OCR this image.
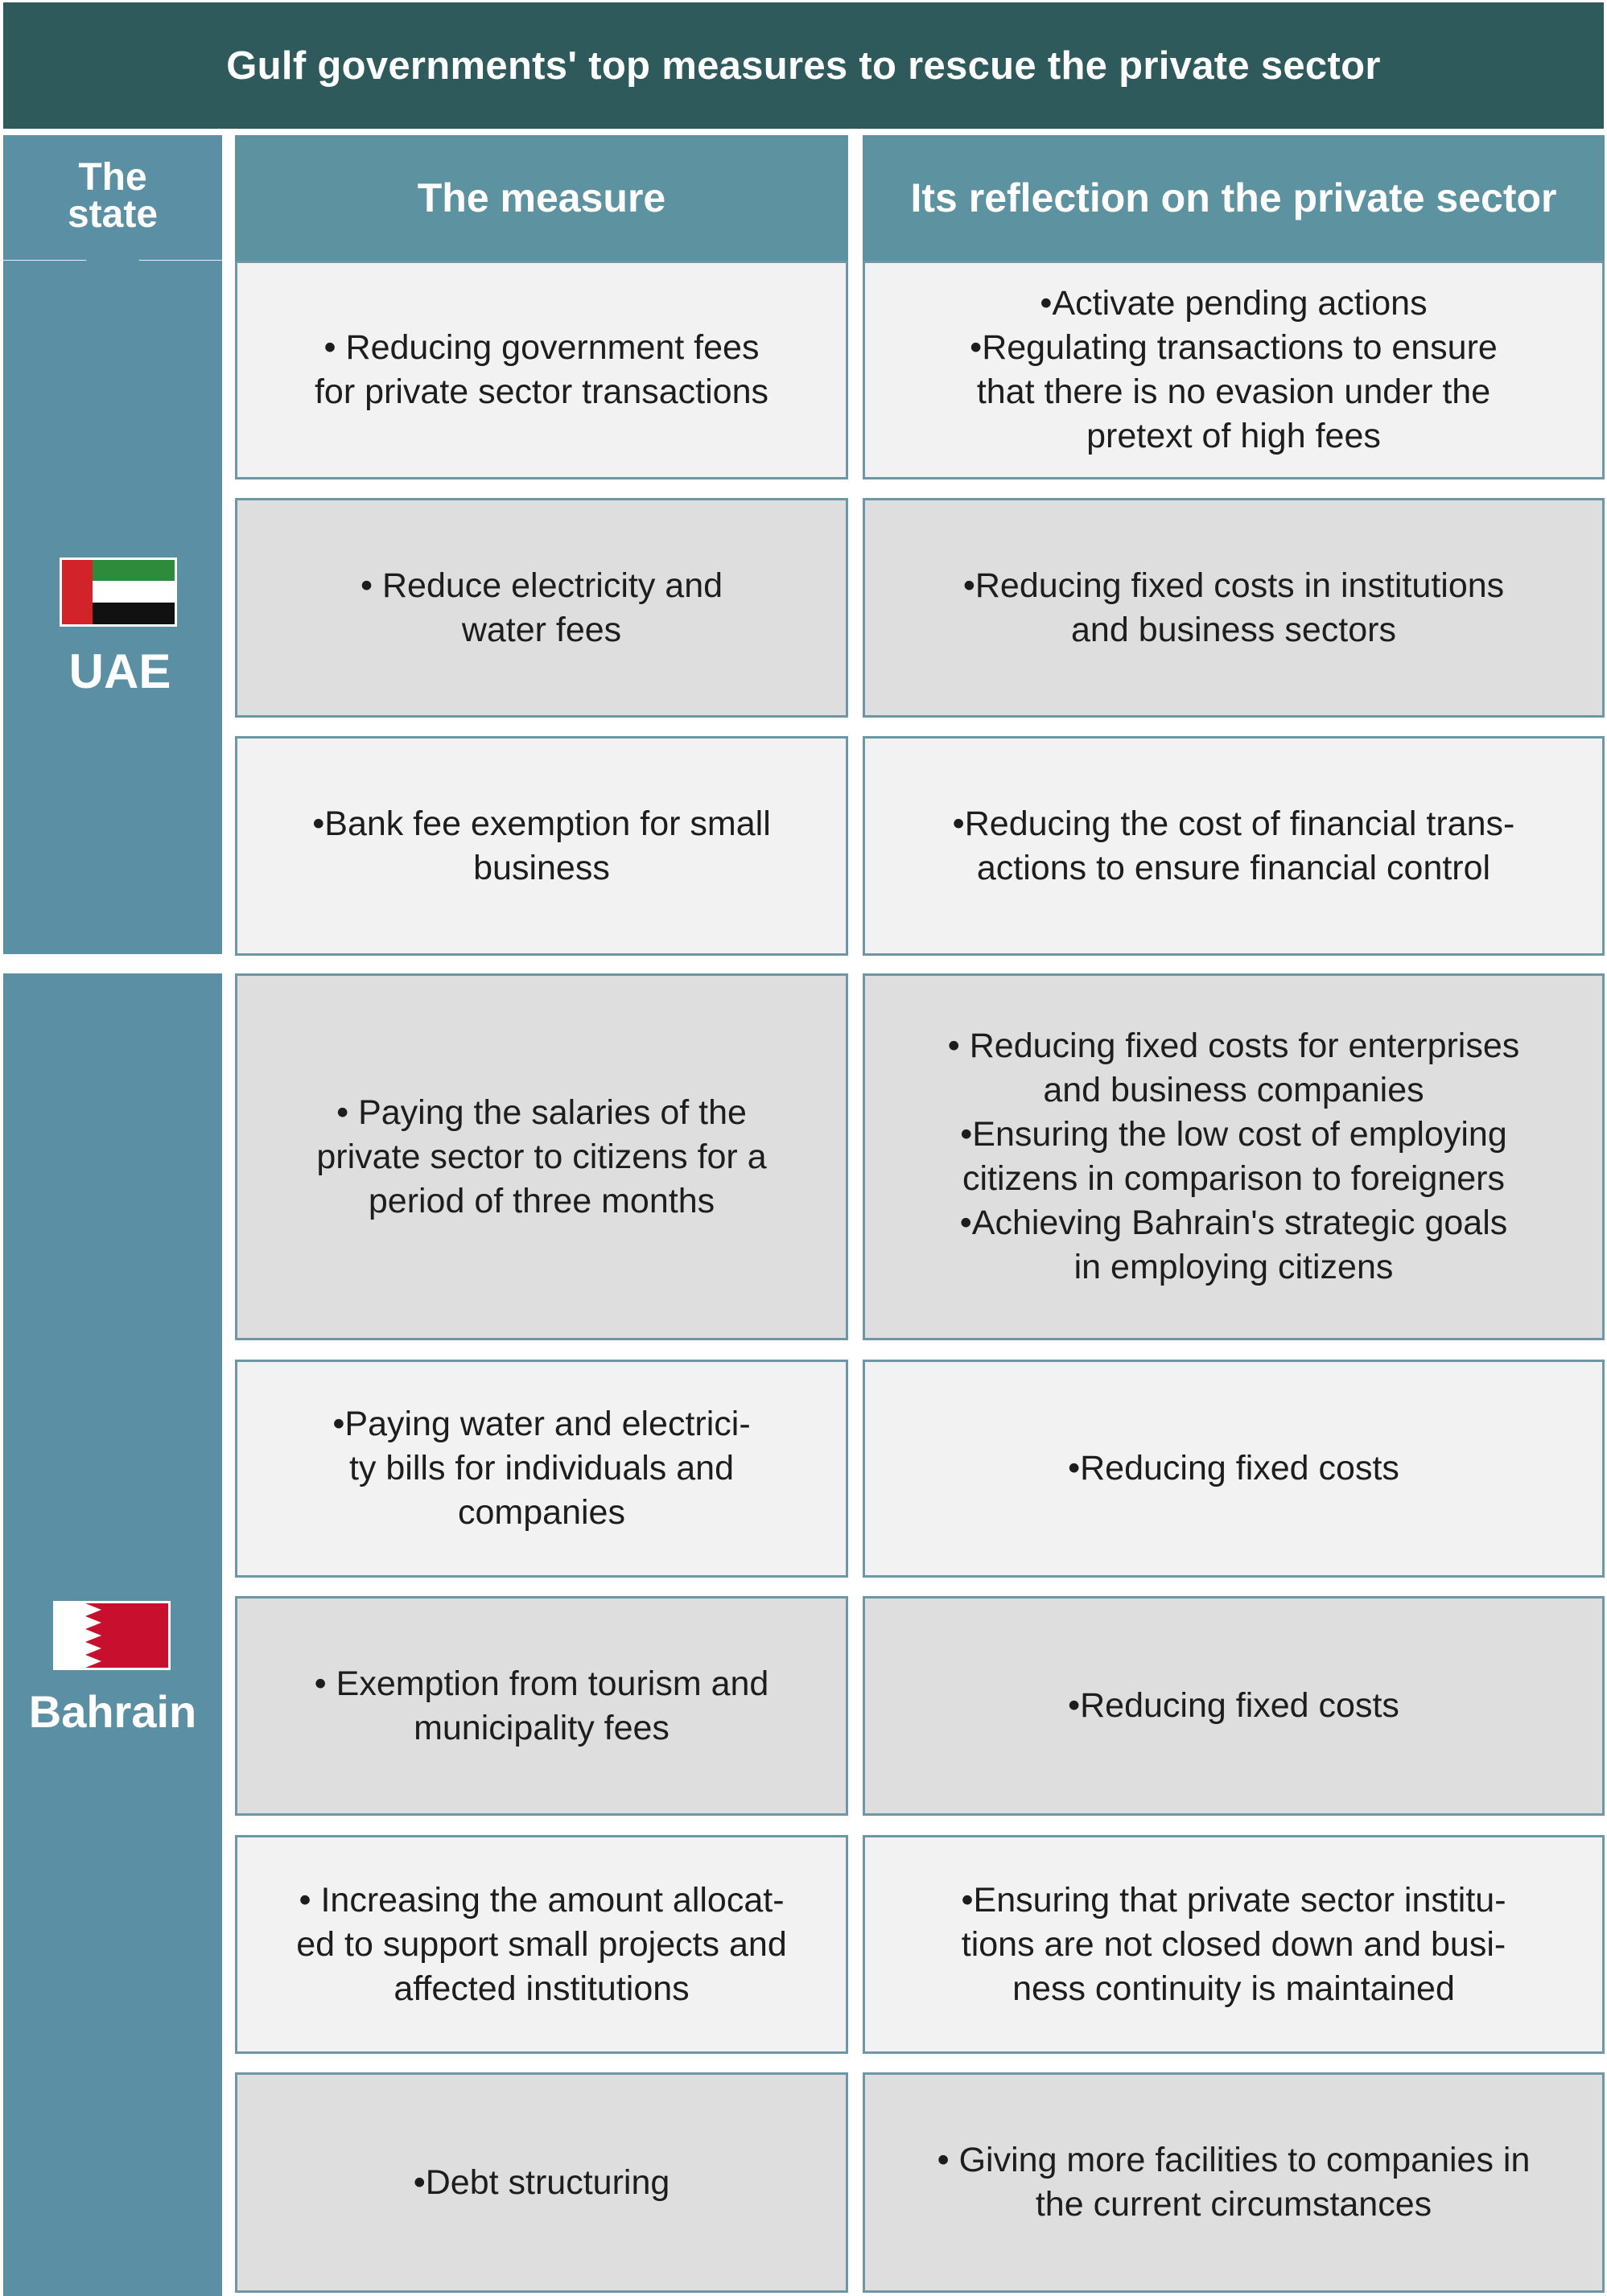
Gulf governments' top measures to rescue the private sector
The
state	The measure	Its reflection on the private sector
UAE
Bahrain
• Reducing government fees
for private sector transactions
•Activate pending actions
•Regulating transactions to ensure
that there is no evasion under the
pretext of high fees
• Reduce electricity and
water fees
•Reducing fixed costs in institutions
and business sectors
•Bank fee exemption for small
business
•Reducing the cost of financial trans-
actions to ensure financial control
• Paying the salaries of the
private sector to citizens for a
period of three months
• Reducing fixed costs for enterprises
and business companies
•Ensuring the low cost of employing
citizens in comparison to foreigners
•Achieving Bahrain's strategic goals
in employing citizens
•Paying water and electrici-
ty bills for individuals and
companies
•Reducing fixed costs
• Exemption from tourism and
municipality fees
•Reducing fixed costs
• Increasing the amount allocat-
ed to support small projects and
affected institutions
•Ensuring that private sector institu-
tions are not closed down and busi-
ness continuity is maintained
•Debt structuring
• Giving more facilities to companies in
the current circumstances
